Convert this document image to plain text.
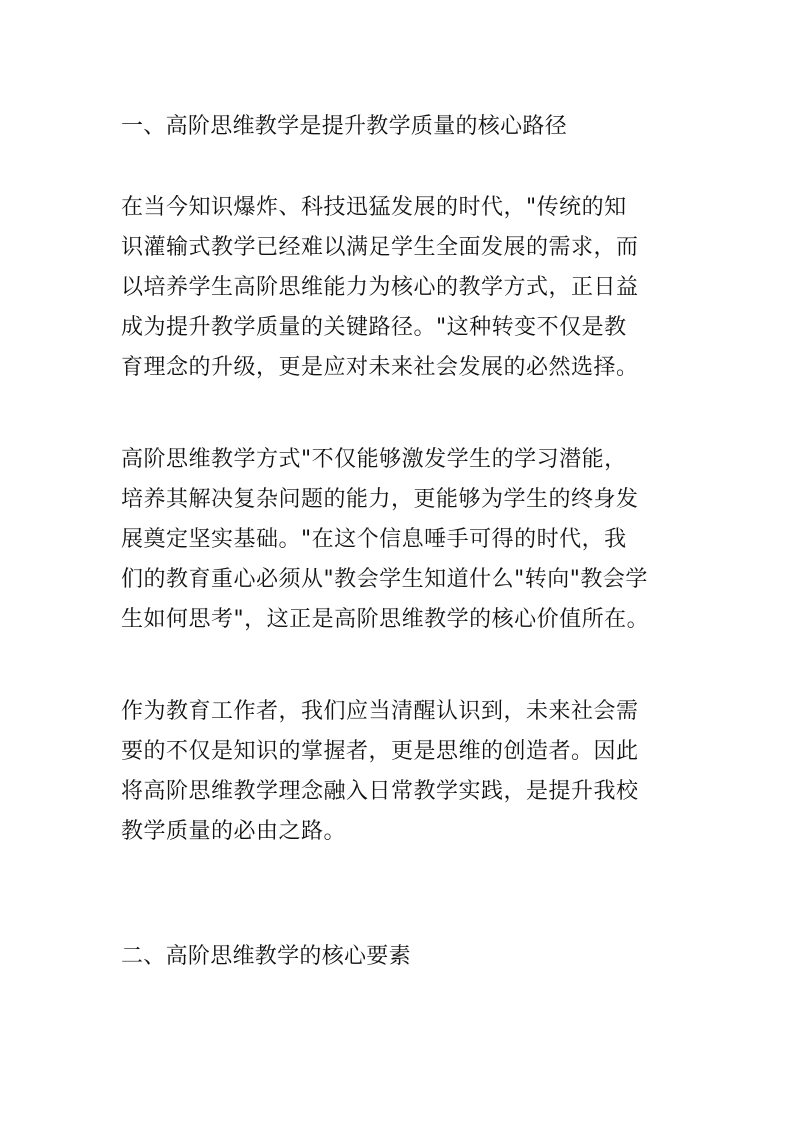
一、高阶思维教学是提升教学质量的核心路径
在当今知识爆炸、科技迅猛发展的时代，"传统的知
识灌输式教学已经难以满足学生全面发展的需求，而
以培养学生高阶思维能力为核心的教学方式，正日益
成为提升教学质量的关键路径。"这种转变不仅是教
育理念的升级，更是应对未来社会发展的必然选择。
高阶思维教学方式"不仅能够激发学生的学习潜能，
培养其解决复杂问题的能力，更能够为学生的终身发
展奠定坚实基础。"在这个信息唾手可得的时代，我
们的教育重心必须从"教会学生知道什么"转向"教会学
生如何思考"，这正是高阶思维教学的核心价值所在。
作为教育工作者，我们应当清醒认识到，未来社会需
要的不仅是知识的掌握者，更是思维的创造者。因此
将高阶思维教学理念融入日常教学实践，是提升我校
教学质量的必由之路。
二、高阶思维教学的核心要素
